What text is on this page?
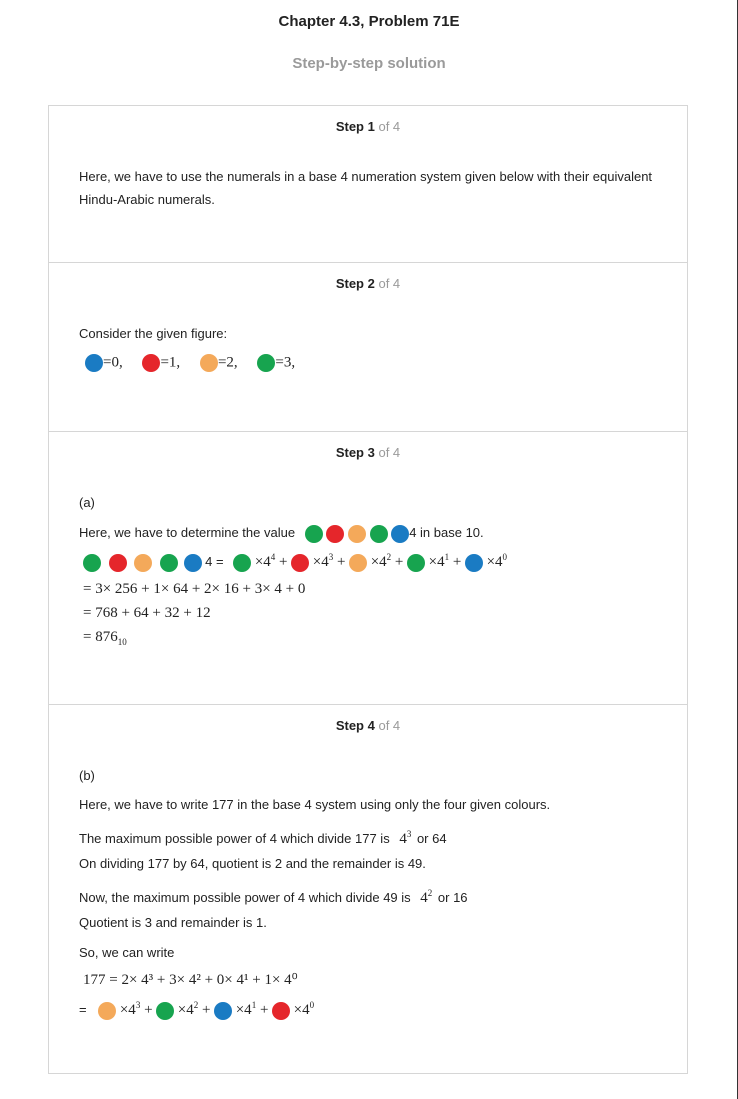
Chapter 4.3, Problem 71E
Step-by-step solution
Step 1 of 4
Here, we have to use the numerals in a base 4 numeration system given below with their equivalent Hindu-Arabic numerals.
Step 2 of 4
Consider the given figure:
=0,	=1,	=2,	=3,
Step 3 of 4
(a)
Here, we have to determine the value	4 in base 10.
$4 = \times 4^4 + \times 4^3 + \times 4^2 + \times 4^1 + \times 4^0$
= 3× 256 + 1× 64 + 2× 16 + 3× 4 + 0
= 768 + 64 + 32 + 12
= $876_{10}$
Step 4 of 4
(b)
Here, we have to write 177 in the base 4 system using only the four given colours.
The maximum possible power of 4 which divide 177 is $4^3$ or 64
On dividing 177 by 64, quotient is 2 and the remainder is 49.
Now, the maximum possible power of 4 which divide 49 is $4^2$ or 16
Quotient is 3 and remainder is 1.
So, we can write
177 = 2× 4³ + 3× 4² + 0× 4¹ + 1× 4⁰
= $\times 4^3 + \times 4^2 + \times 4^1 + \times 4^0$
